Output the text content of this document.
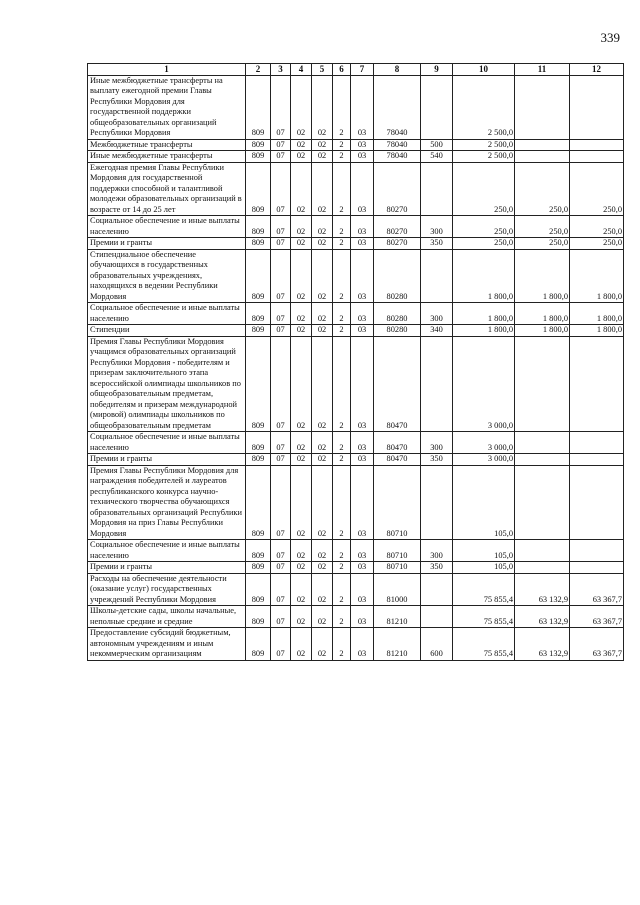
339
1	2	3	4	5	6	7	8	9	10	11	12
Иные межбюджетные трансферты на выплату ежегодной премии Главы Республики Мордовия для государственной поддержки общеобразовательных организаций Республики Мордовия	809	07	02	02	2	03	78040		2 500,0		
Межбюджетные трансферты	809	07	02	02	2	03	78040	500	2 500,0		
Иные межбюджетные трансферты	809	07	02	02	2	03	78040	540	2 500,0		
Ежегодная премия Главы Республики Мордовия для государственной поддержки способной и талантливой молодежи образовательных организаций в возрасте от 14 до 25 лет	809	07	02	02	2	03	80270		250,0	250,0	250,0
Социальное обеспечение и иные выплаты населению	809	07	02	02	2	03	80270	300	250,0	250,0	250,0
Премии и гранты	809	07	02	02	2	03	80270	350	250,0	250,0	250,0
Стипендиальное обеспечение обучающихся в государственных образовательных учреждениях, находящихся в ведении Республики Мордовия	809	07	02	02	2	03	80280		1 800,0	1 800,0	1 800,0
Социальное обеспечение и иные выплаты населению	809	07	02	02	2	03	80280	300	1 800,0	1 800,0	1 800,0
Стипендии	809	07	02	02	2	03	80280	340	1 800,0	1 800,0	1 800,0
Премия Главы Республики Мордовия учащимся образовательных организаций Республики Мордовия - победителям и призерам заключительного этапа всероссийской олимпиады школьников по общеобразовательным предметам, победителям и призерам международной (мировой) олимпиады школьников по общеобразовательным предметам	809	07	02	02	2	03	80470		3 000,0		
Социальное обеспечение и иные выплаты населению	809	07	02	02	2	03	80470	300	3 000,0		
Премии и гранты	809	07	02	02	2	03	80470	350	3 000,0		
Премия Главы Республики Мордовия для награждения победителей и лауреатов республиканского конкурса научно-технического творчества обучающихся образовательных организаций Республики Мордовия на приз Главы Республики Мордовия	809	07	02	02	2	03	80710		105,0		
Социальное обеспечение и иные выплаты населению	809	07	02	02	2	03	80710	300	105,0		
Премии и гранты	809	07	02	02	2	03	80710	350	105,0		
Расходы на обеспечение деятельности (оказание услуг) государственных учреждений Республики Мордовия	809	07	02	02	2	03	81000		75 855,4	63 132,9	63 367,7
Школы-детские сады, школы начальные, неполные средние и средние	809	07	02	02	2	03	81210		75 855,4	63 132,9	63 367,7
Предоставление субсидий бюджетным, автономным учреждениям и иным некоммерческим организациям	809	07	02	02	2	03	81210	600	75 855,4	63 132,9	63 367,7
